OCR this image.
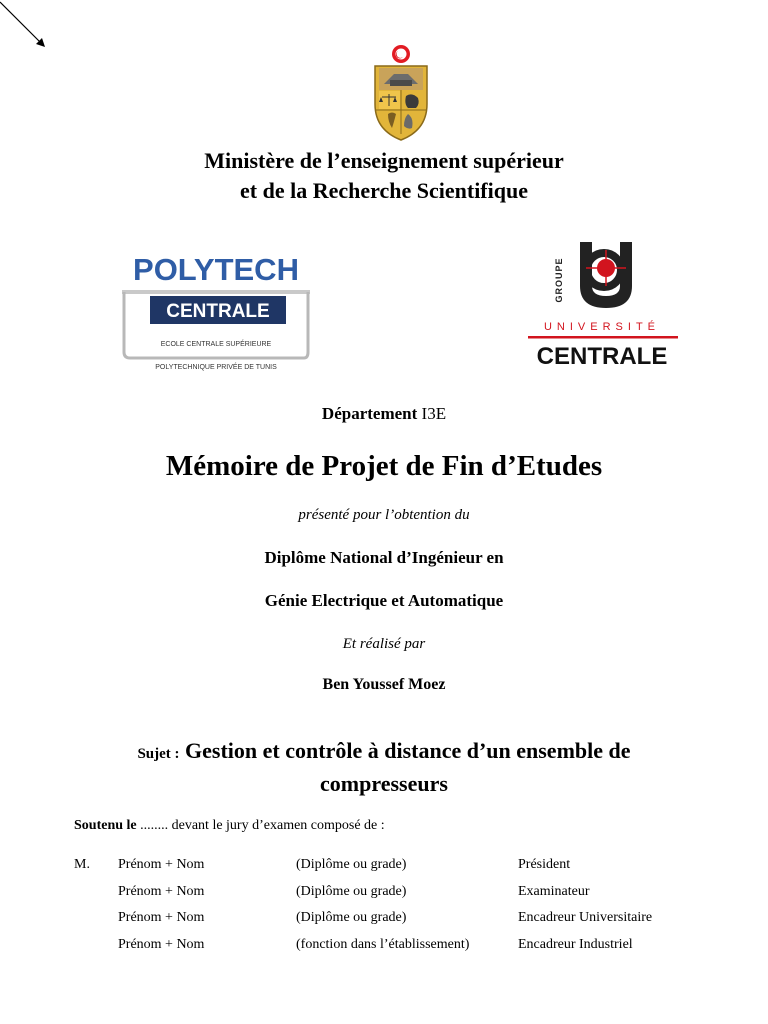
Ministère de l’enseignement supérieur
et de la Recherche Scientifique
POLYTECH
CENTRALE
ECOLE CENTRALE SUPÉRIEURE
POLYTECHNIQUE PRIVÉE DE TUNIS
GROUPE
UNIVERSITÉ
CENTRALE
Département I3E
Mémoire de Projet de Fin d’Etudes
présenté pour l’obtention du
Diplôme National d’Ingénieur en
Génie Electrique et Automatique
Et réalisé par
Ben Youssef Moez
Sujet : Gestion et contrôle à distance d’un ensemble de
compresseurs
Soutenu le ........ devant le jury d’examen composé de :
M. Prénom + Nom	(Diplôme ou grade)	Président
Prénom + Nom	(Diplôme ou grade)	Examinateur
Prénom + Nom	(Diplôme ou grade)	Encadreur Universitaire
Prénom + Nom	(fonction dans l’établissement)	Encadreur Industriel
